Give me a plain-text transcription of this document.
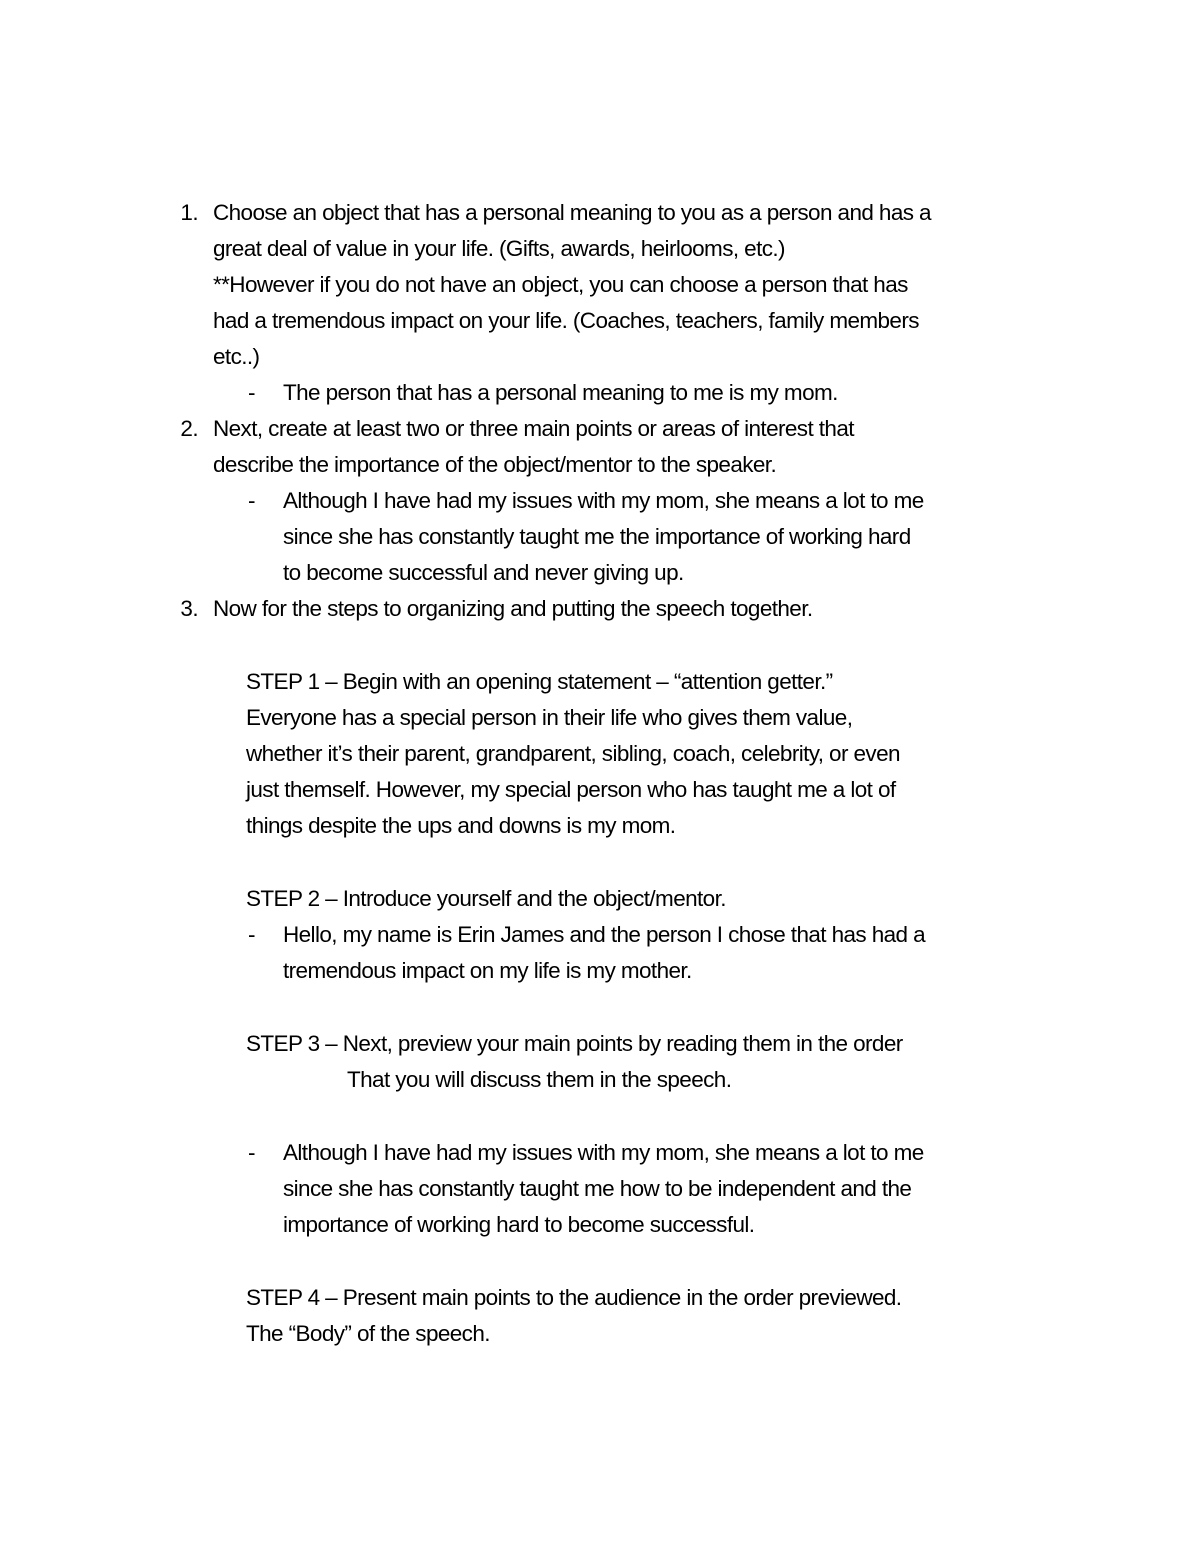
1. Choose an object that has a personal meaning to you as a person and has a
great deal of value in your life. (Gifts, awards, heirlooms, etc.)
**However if you do not have an object, you can choose a person that has
had a tremendous impact on your life. (Coaches, teachers, family members
etc..)
- The person that has a personal meaning to me is my mom.
2. Next, create at least two or three main points or areas of interest that
describe the importance of the object/mentor to the speaker.
- Although I have had my issues with my mom, she means a lot to me
since she has constantly taught me the importance of working hard
to become successful and never giving up.
3. Now for the steps to organizing and putting the speech together.
STEP 1 – Begin with an opening statement – “attention getter.”
Everyone has a special person in their life who gives them value,
whether it’s their parent, grandparent, sibling, coach, celebrity, or even
just themself. However, my special person who has taught me a lot of
things despite the ups and downs is my mom.
STEP 2 – Introduce yourself and the object/mentor.
- Hello, my name is Erin James and the person I chose that has had a
tremendous impact on my life is my mother.
STEP 3 – Next, preview your main points by reading them in the order
That you will discuss them in the speech.
- Although I have had my issues with my mom, she means a lot to me
since she has constantly taught me how to be independent and the
importance of working hard to become successful.
STEP 4 – Present main points to the audience in the order previewed.
The “Body” of the speech.
